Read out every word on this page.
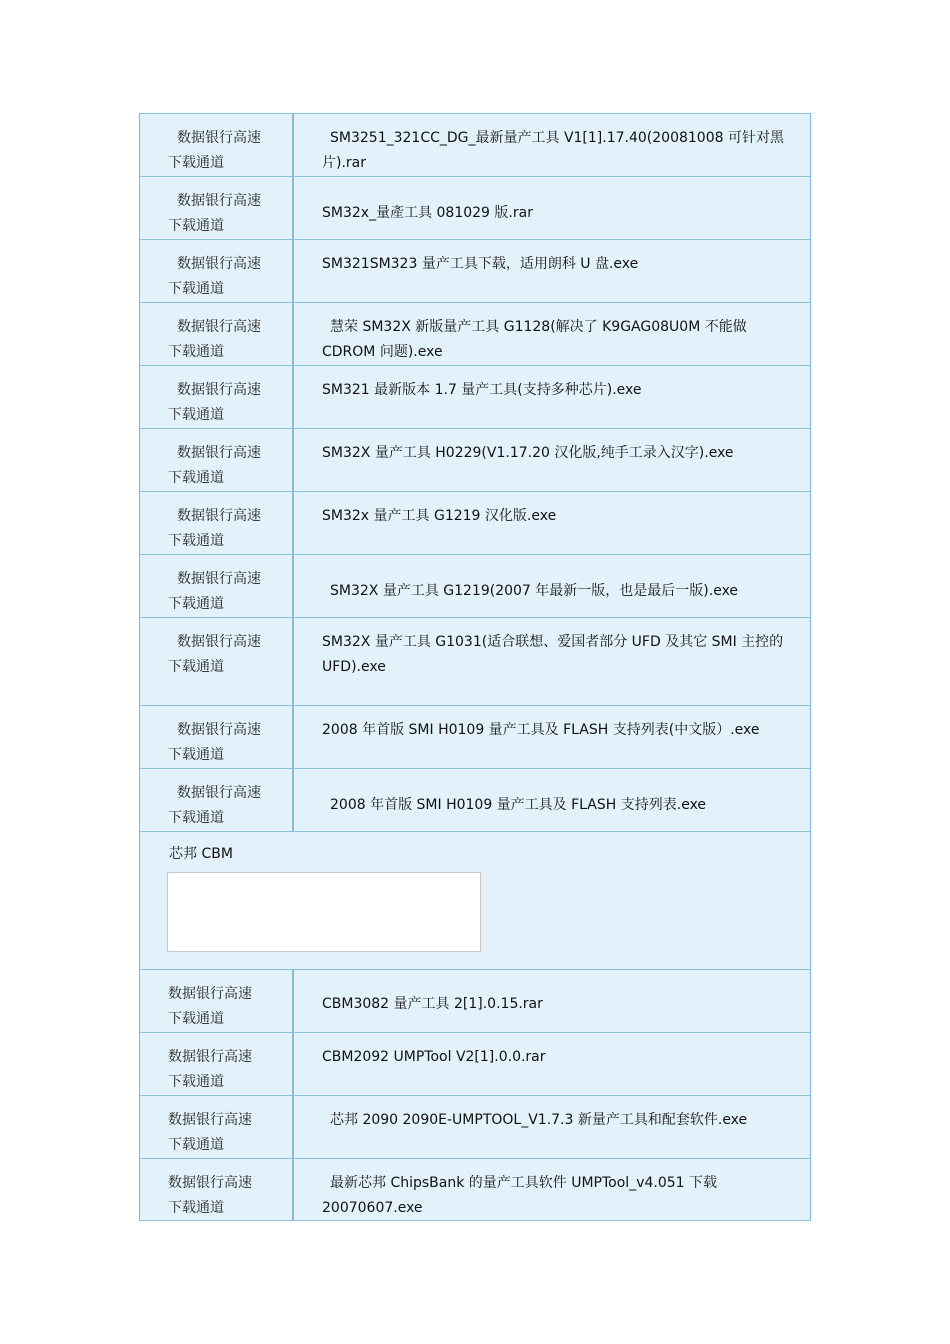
数据银行高速
下载通道
SM3251_321CC_DG_最新量产工具 V1[1].17.40(20081008 可针对黑片).rar
数据银行高速
下载通道
SM32x_量產工具 081029 版.rar
数据银行高速
下载通道
SM321SM323 量产工具下载，适用朗科 U 盘.exe
数据银行高速
下载通道
慧荣 SM32X 新版量产工具 G1128(解决了 K9GAG08U0M 不能做 CDROM 问题).exe
数据银行高速
下载通道
SM321 最新版本 1.7 量产工具(支持多种芯片).exe
数据银行高速
下载通道
SM32X 量产工具 H0229(V1.17.20 汉化版,纯手工录入汉字).exe
数据银行高速
下载通道
SM32x 量产工具 G1219 汉化版.exe
数据银行高速
下载通道
SM32X 量产工具 G1219(2007 年最新一版，也是最后一版).exe
数据银行高速
下载通道
SM32X 量产工具 G1031(适合联想、爱国者部分 UFD 及其它 SMI 主控的 UFD).exe
数据银行高速
下载通道
2008 年首版 SMI H0109 量产工具及 FLASH 支持列表(中文版）.exe
数据银行高速
下载通道
2008 年首版 SMI H0109 量产工具及 FLASH 支持列表.exe
芯邦 CBM
数据银行高速
下载通道
CBM3082 量产工具 2[1].0.15.rar
数据银行高速
下载通道
CBM2092 UMPTool V2[1].0.0.rar
数据银行高速
下载通道
芯邦 2090 2090E-UMPTOOL_V1.7.3 新量产工具和配套软件.exe
数据银行高速
下载通道
最新芯邦 ChipsBank 的量产工具软件 UMPTool_v4.051 下载 20070607.exe
